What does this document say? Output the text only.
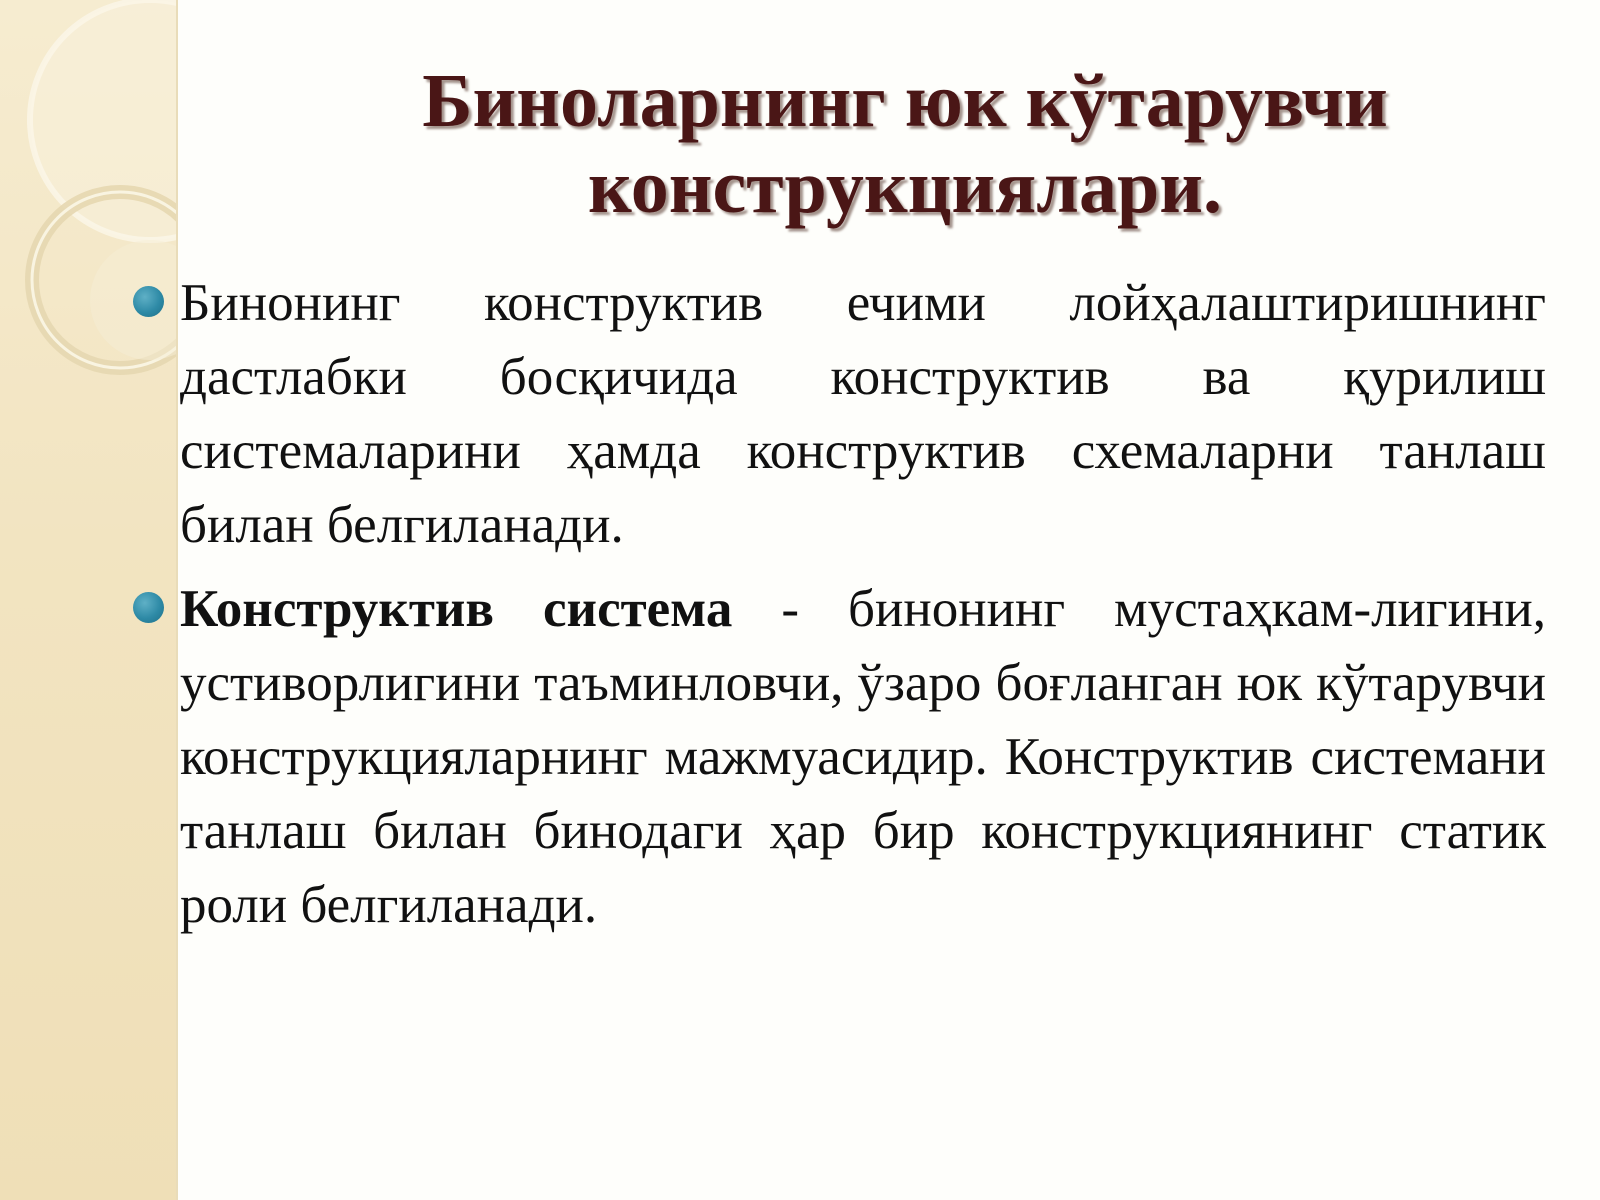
Биноларнинг юк кўтарувчи конструкциялари.
Бинонинг конструктив ечими лойҳалаштиришнинг дастлабки босқичида конструктив ва қурилиш системаларини ҳамда конструктив схемаларни танлаш билан белгиланади.
Конструктив система - бинонинг мустаҳкам-лигини, устиворлигини таъминловчи, ўзаро боғланган юк кўтарувчи конструкцияларнинг мажмуасидир. Конструктив системани танлаш билан бинодаги ҳар бир конструкциянинг статик роли белгиланади.
